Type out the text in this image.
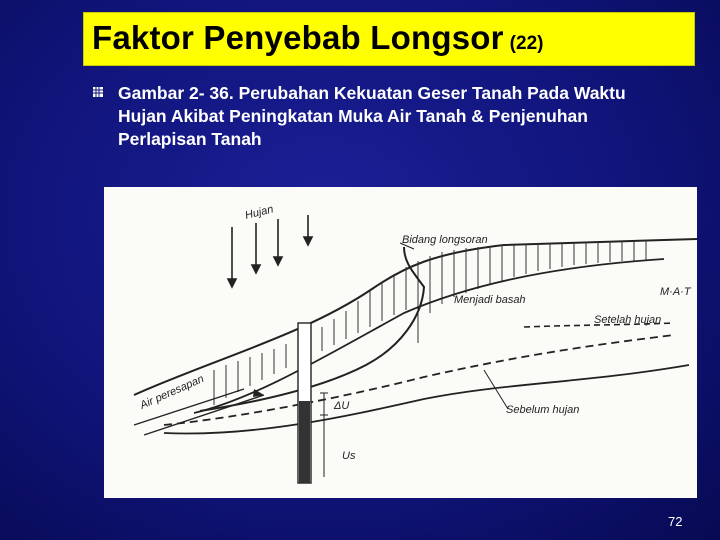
Faktor Penyebab Longsor (22)
Gambar 2- 36. Perubahan Kekuatan Geser Tanah Pada Waktu Hujan Akibat Peningkatan Muka Air Tanah & Penjenuhan Perlapisan Tanah
Hujan
Bidang longsoran
Menjadi basah
M·A·T
Setelah hujan
Air peresapan	ΔU	Sebelum hujan
Us
72
